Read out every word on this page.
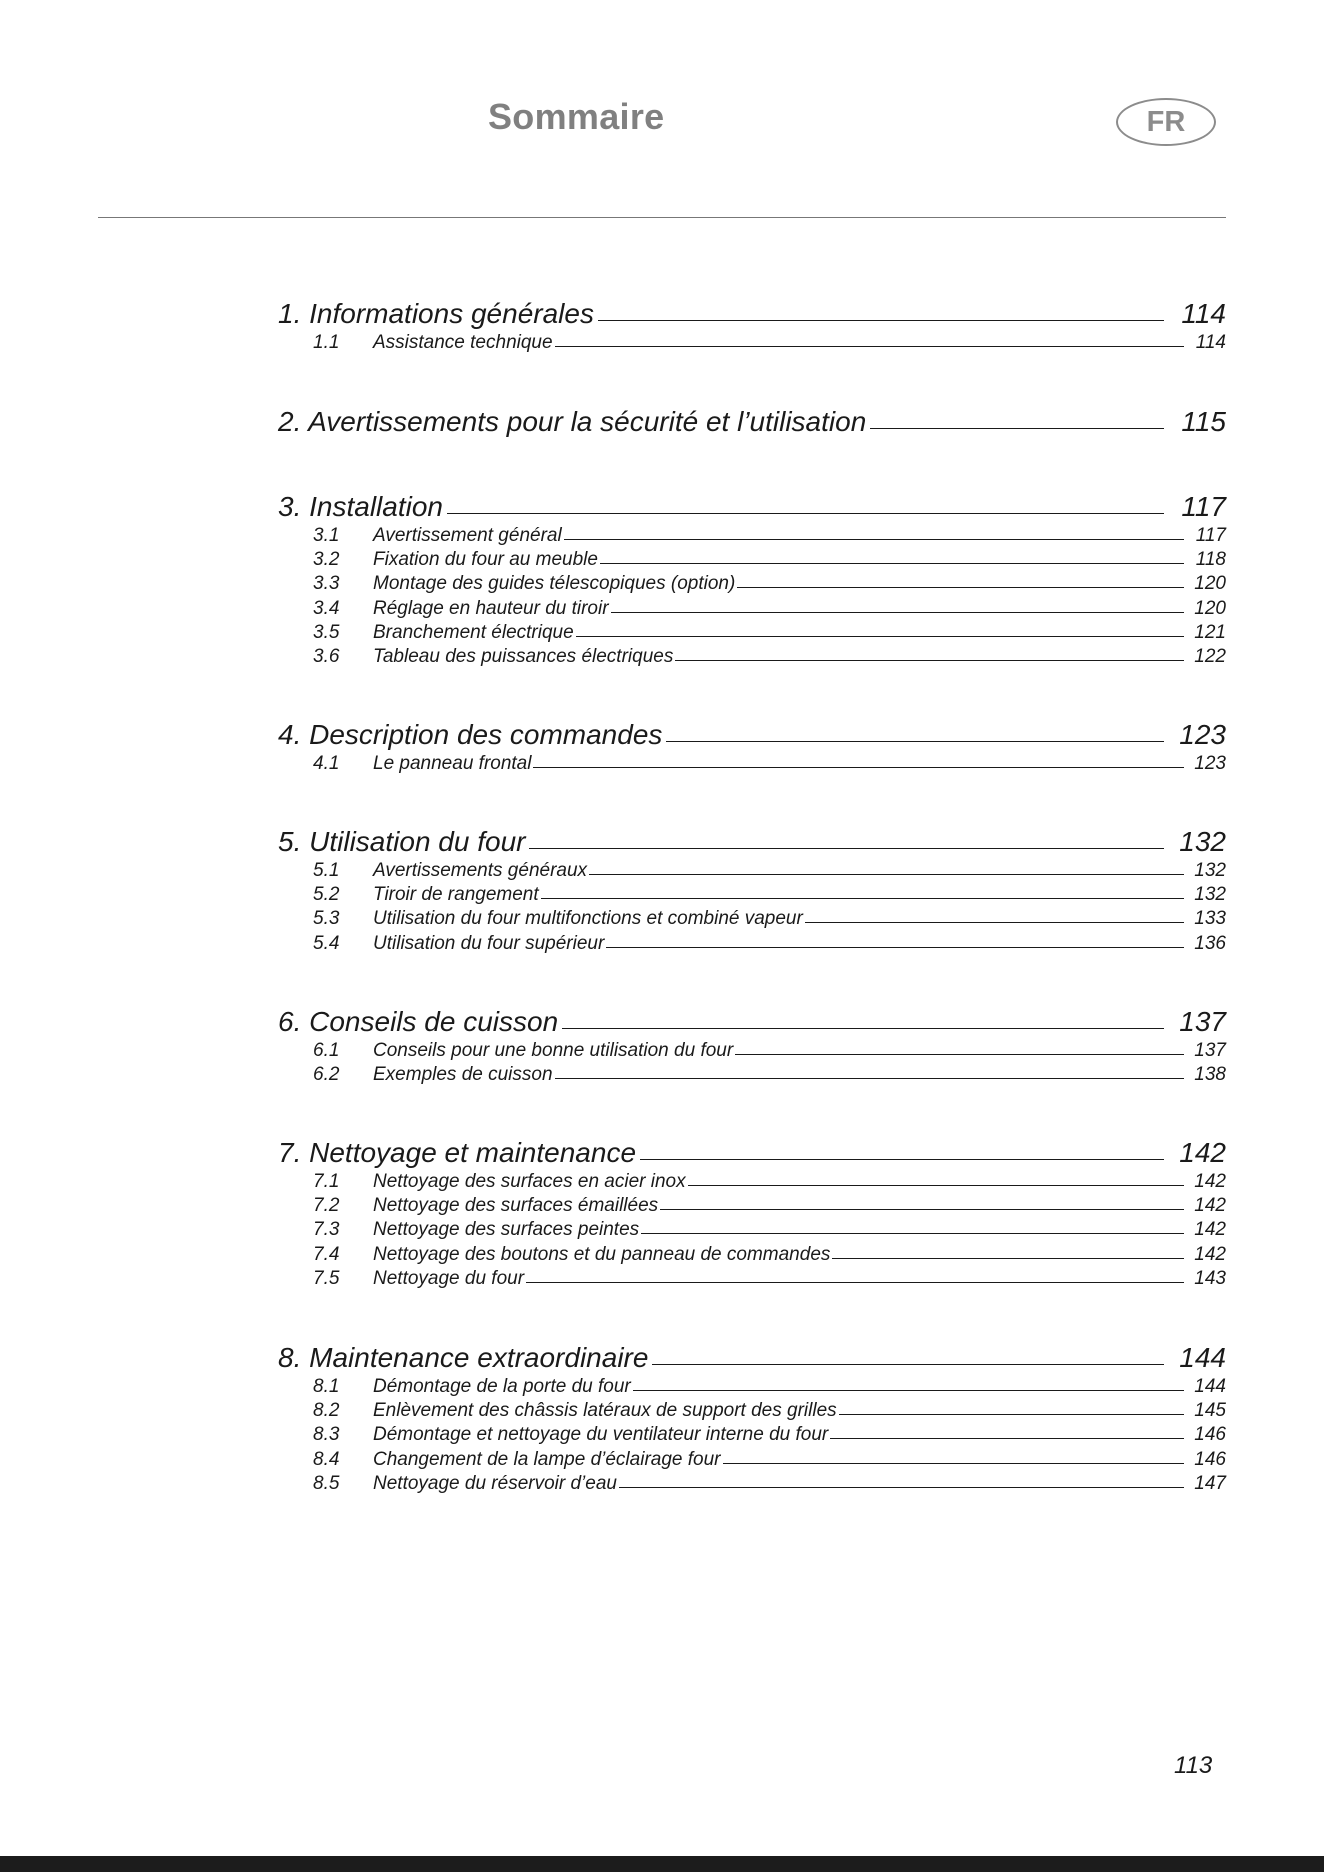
Sommaire	FR
1. Informations générales	114
1.1	Assistance technique	114
2. Avertissements pour la sécurité et l’utilisation	115
3. Installation	117
3.1	Avertissement général	117
3.2	Fixation du four au meuble	118
3.3	Montage des guides télescopiques (option)	120
3.4	Réglage en hauteur du tiroir	120
3.5	Branchement électrique	121
3.6	Tableau des puissances électriques	122
4. Description des commandes	123
4.1	Le panneau frontal	123
5. Utilisation du four	132
5.1	Avertissements généraux	132
5.2	Tiroir de rangement	132
5.3	Utilisation du four multifonctions et combiné vapeur	133
5.4	Utilisation du four supérieur	136
6. Conseils de cuisson	137
6.1	Conseils pour une bonne utilisation du four	137
6.2	Exemples de cuisson	138
7. Nettoyage et maintenance	142
7.1	Nettoyage des surfaces en acier inox	142
7.2	Nettoyage des surfaces émaillées	142
7.3	Nettoyage des surfaces peintes	142
7.4	Nettoyage des boutons et du panneau de commandes	142
7.5	Nettoyage du four	143
8. Maintenance extraordinaire	144
8.1	Démontage de la porte du four	144
8.2	Enlèvement des châssis latéraux de support des grilles	145
8.3	Démontage et nettoyage du ventilateur interne du four	146
8.4	Changement de la lampe d’éclairage four	146
8.5	Nettoyage du réservoir d’eau	147
113
